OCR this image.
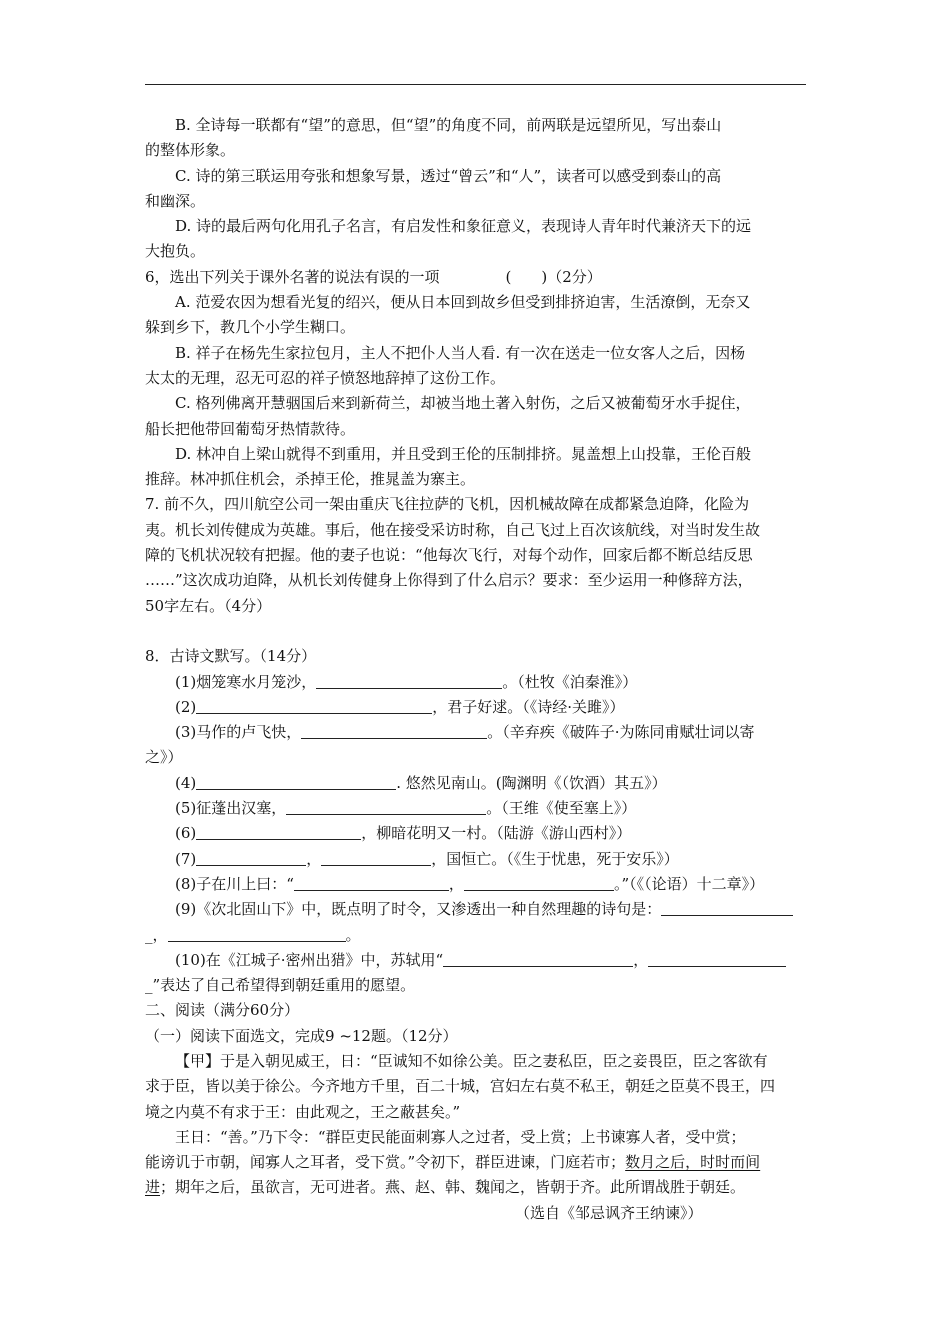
B. 全诗每一联都有“望”的意思，但“望”的角度不同，前两联是远望所见，写出泰山
的整体形象。
C. 诗的第三联运用夸张和想象写景，透过“曾云”和“人”，读者可以感受到泰山的高
和幽深。
D. 诗的最后两句化用孔子名言，有启发性和象征意义，表现诗人青年时代兼济天下的远
大抱负。
6，选出下列关于课外名著的说法有误的一项	(　　)（2分）
A. 范爱农因为想看光复的绍兴，便从日本回到故乡但受到排挤迫害，生活潦倒，无奈又
躲到乡下，教几个小学生糊口。
B. 祥子在杨先生家拉包月，主人不把仆人当人看. 有一次在送走一位女客人之后，因杨
太太的无理，忍无可忍的祥子愤怒地辞掉了这份工作。
C. 格列佛离开慧骃国后来到新荷兰，却被当地土著入射伤，之后又被葡萄牙水手捉住，
船长把他带回葡萄牙热情款待。
D. 林冲自上梁山就得不到重用，并且受到王伦的压制排挤。晁盖想上山投靠，王伦百般
推辞。林冲抓住机会，杀掉王伦，推晁盖为寨主。
7. 前不久，四川航空公司一架由重庆飞往拉萨的飞机，因机械故障在成都紧急迫降，化险为
夷。机长刘传健成为英雄。事后，他在接受采访时称，自己飞过上百次该航线，对当时发生故
障的飞机状况较有把握。他的妻子也说：“他每次飞行，对每个动作，回家后都不断总结反思
……”这次成功迫降，从机长刘传健身上你得到了什么启示？要求：至少运用一种修辞方法，
50字左右。（4分）
8．古诗文默写。（14分）
(1)烟笼寒水月笼沙，	。（杜牧《泊秦淮》）
(2)	，君子好逑。（《诗经·关雎》）
(3)马作的卢飞快，	。（辛弃疾《破阵子·为陈同甫赋壮词以寄
之》）
(4)	. 悠然见南山。(陶渊明《（饮酒）其五》）
(5)征蓬出汉塞，	。（王维《使至塞上》）
(6)	，柳暗花明又一村。（陆游《游山西村》）
(7)	，	，国恒亡。（《生于忧患，死于安乐》）
(8)子在川上曰：“	，	。”（《（论语）十二章》）
(9)《次北固山下》中，既点明了时令，又渗透出一种自然理趣的诗句是：
_，	。
(10)在《江城子·密州出猎》中，苏轼用“	，
_”表达了自己希望得到朝廷重用的愿望。
二、阅读（满分60分）
（一）阅读下面选文，完成9 ~12题。（12分）
【甲】于是入朝见威王，日：“臣诚知不如徐公美。臣之妻私臣，臣之妾畏臣，臣之客欲有
求于臣，皆以美于徐公。今齐地方千里，百二十城，宫妇左右莫不私王，朝廷之臣莫不畏王，四
境之内莫不有求于王：由此观之，王之蔽甚矣。”
王日：“善。”乃下令：“群臣吏民能面刺寡人之过者，受上赏；上书谏寡人者，受中赏；
能谤讥于市朝，闻寡人之耳者，受下赏。”令初下，群臣进谏，门庭若市；数月之后，时时而间
进；期年之后，虽欲言，无可进者。燕、赵、韩、魏闻之，皆朝于齐。此所谓战胜于朝廷。
（选自《邹忌讽齐王纳谏》）
